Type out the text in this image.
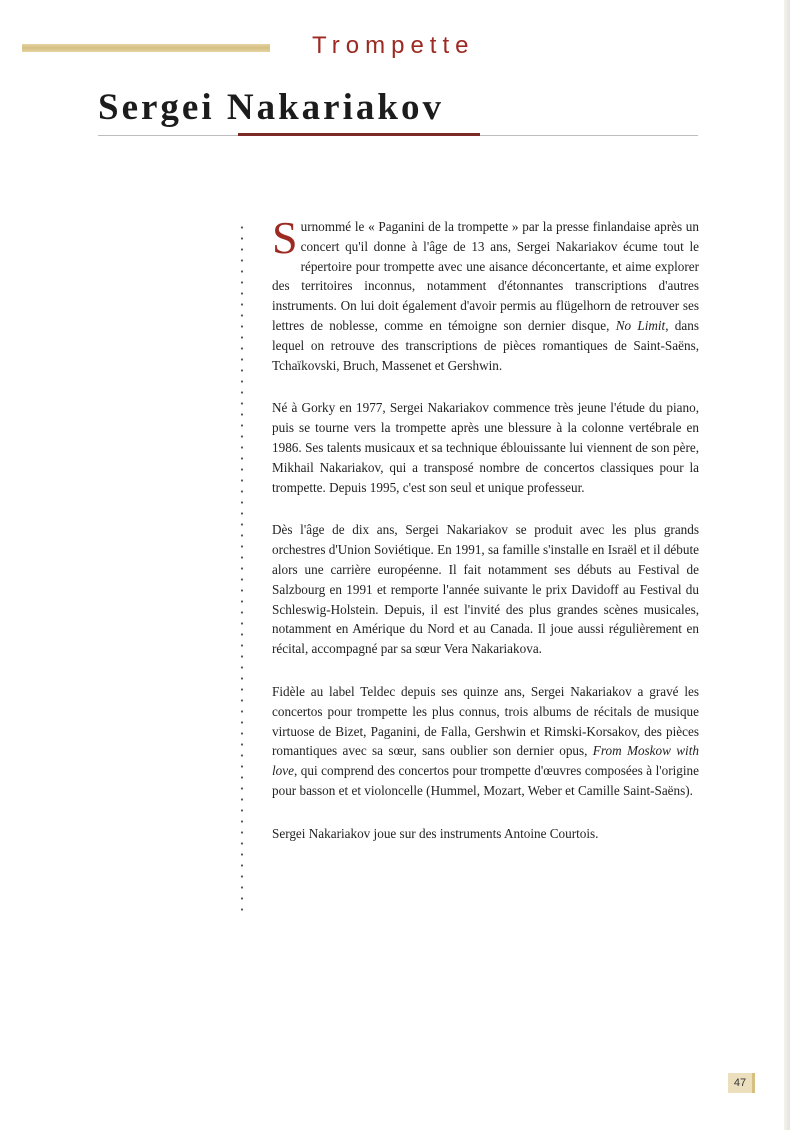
Trompette
Sergei Nakariakov

Surnommé le « Paganini de la trompette » par la presse finlandaise après un concert qu'il donne à l'âge de 13 ans, Sergei Nakariakov écume tout le répertoire pour trompette avec une aisance déconcertante, et aime explorer des territoires inconnus, notamment d'étonnantes transcriptions d'autres instruments. On lui doit également d'avoir permis au flügelhorn de retrouver ses lettres de noblesse, comme en témoigne son dernier disque, No Limit, dans lequel on retrouve des transcriptions de pièces romantiques de Saint-Saëns, Tchaïkovski, Bruch, Massenet et Gershwin.

Né à Gorky en 1977, Sergei Nakariakov commence très jeune l'étude du piano, puis se tourne vers la trompette après une blessure à la colonne vertébrale en 1986. Ses talents musicaux et sa technique éblouissante lui viennent de son père, Mikhail Nakariakov, qui a transposé nombre de concertos classiques pour la trompette. Depuis 1995, c'est son seul et unique professeur.

Dès l'âge de dix ans, Sergei Nakariakov se produit avec les plus grands orchestres d'Union Soviétique. En 1991, sa famille s'installe en Israël et il débute alors une carrière européenne. Il fait notamment ses débuts au Festival de Salzbourg en 1991 et remporte l'année suivante le prix Davidoff au Festival du Schleswig-Holstein. Depuis, il est l'invité des plus grandes scènes musicales, notamment en Amérique du Nord et au Canada. Il joue aussi régulièrement en récital, accompagné par sa sœur Vera Nakariakova.

Fidèle au label Teldec depuis ses quinze ans, Sergei Nakariakov a gravé les concertos pour trompette les plus connus, trois albums de récitals de musique virtuose de Bizet, Paganini, de Falla, Gershwin et Rimski-Korsakov, des pièces romantiques avec sa sœur, sans oublier son dernier opus, From Moskow with love, qui comprend des concertos pour trompette d'œuvres composées à l'origine pour basson et et violoncelle (Hummel, Mozart, Weber et Camille Saint-Saëns).

Sergei Nakariakov joue sur des instruments Antoine Courtois.

47
